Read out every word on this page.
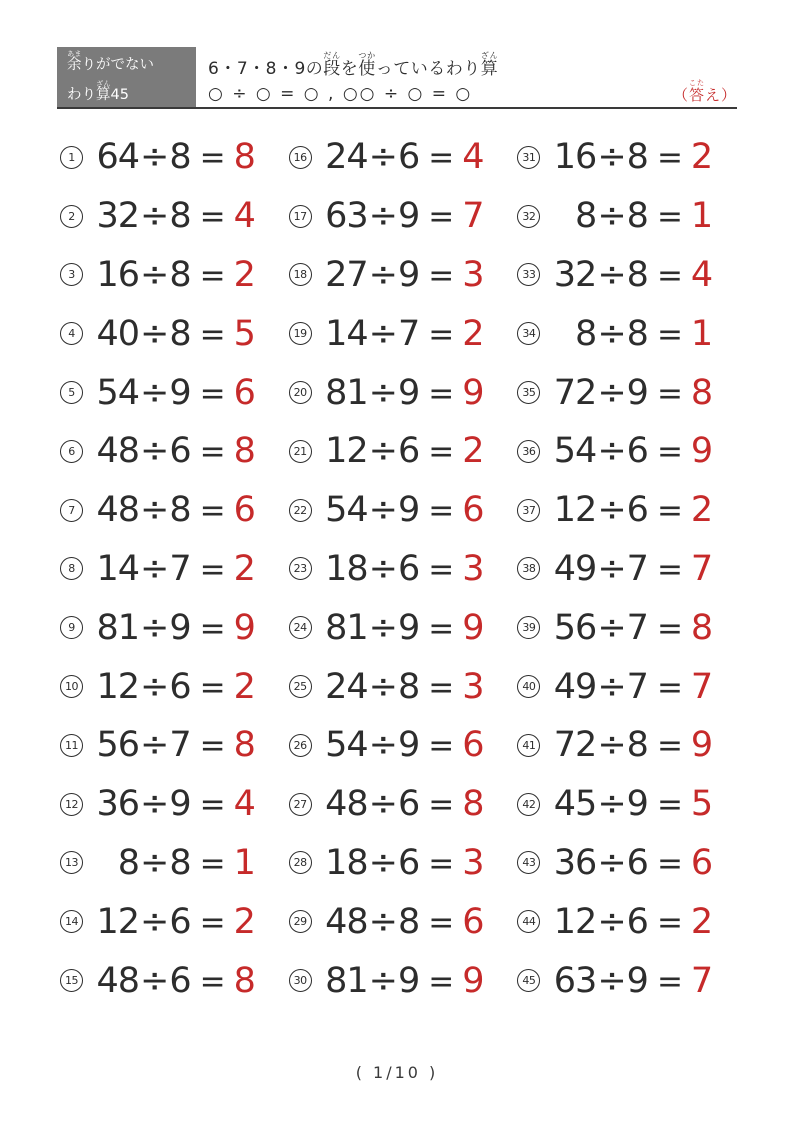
余あまりがでない
わり算ざん45
6・7・8・9の段だんを使つかっているわり算ざん
○ ÷ ○ = ○ , ○○ ÷ ○ = ○	（答こたえ）
1 64÷8 = 8
2 32÷8 = 4
3 16÷8 = 2
4 40÷8 = 5
5 54÷9 = 6
6 48÷6 = 8
7 48÷8 = 6
8 14÷7 = 2
9 81÷9 = 9
10 12÷6 = 2
11 56÷7 = 8
12 36÷9 = 4
13	8÷8 = 1
14 12÷6 = 2
15 48÷6 = 8
16 24÷6 = 4
17 63÷9 = 7
18 27÷9 = 3
19 14÷7 = 2
20 81÷9 = 9
21 12÷6 = 2
22 54÷9 = 6
23 18÷6 = 3
24 81÷9 = 9
25 24÷8 = 3
26 54÷9 = 6
27 48÷6 = 8
28 18÷6 = 3
29 48÷8 = 6
30 81÷9 = 9
31 16÷8 = 2
32	8÷8 = 1
33 32÷8 = 4
34	8÷8 = 1
35 72÷9 = 8
36 54÷6 = 9
37 12÷6 = 2
38 49÷7 = 7
39 56÷7 = 8
40 49÷7 = 7
41 72÷8 = 9
42 45÷9 = 5
43 36÷6 = 6
44 12÷6 = 2
45 63÷9 = 7
( 1/10 )
